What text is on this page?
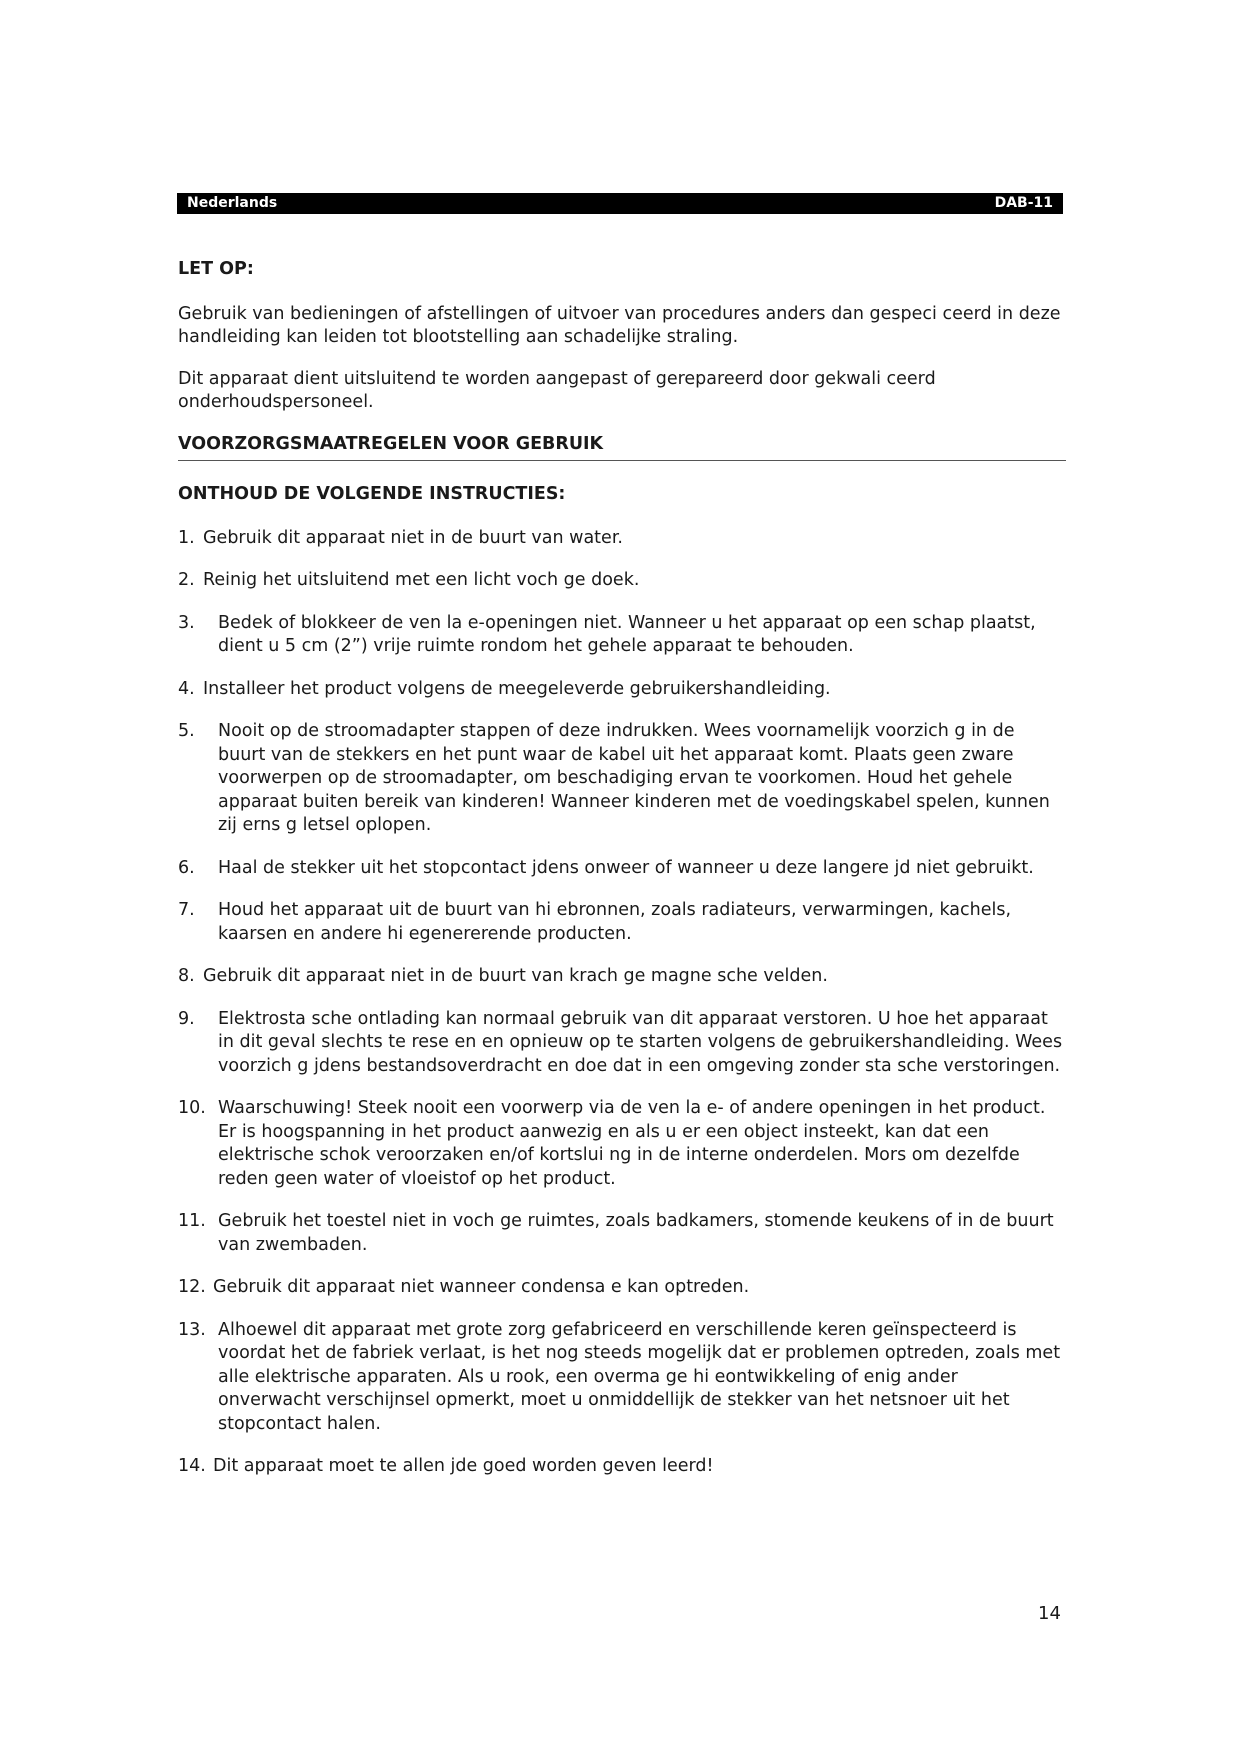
Nederlands	DAB-11

LET OP:

Gebruik van bedieningen of afstellingen of uitvoer van procedures anders dan gespeci ceerd in deze handleiding kan leiden tot blootstelling aan schadelijke straling.

Dit apparaat dient uitsluitend te worden aangepast of gerepareerd door gekwali ceerd onderhoudspersoneel.

VOORZORGSMAATREGELEN VOOR GEBRUIK

ONTHOUD DE VOLGENDE INSTRUCTIES:

1. Gebruik dit apparaat niet in de buurt van water.
2. Reinig het uitsluitend met een licht voch ge doek.
3. Bedek of blokkeer de ven la e-openingen niet. Wanneer u het apparaat op een schap plaatst, dient u 5 cm (2”) vrije ruimte rondom het gehele apparaat te behouden.
4. Installeer het product volgens de meegeleverde gebruikershandleiding.
5. Nooit op de stroomadapter stappen of deze indrukken. Wees voornamelijk voorzich g in de buurt van de stekkers en het punt waar de kabel uit het apparaat komt. Plaats geen zware voorwerpen op de stroomadapter, om beschadiging ervan te voorkomen. Houd het gehele apparaat buiten bereik van kinderen! Wanneer kinderen met de voedingskabel spelen, kunnen zij erns g letsel oplopen.
6. Haal de stekker uit het stopcontact jdens onweer of wanneer u deze langere jd niet gebruikt.
7. Houd het apparaat uit de buurt van hi ebronnen, zoals radiateurs, verwarmingen, kachels, kaarsen en andere hi egenererende producten.
8. Gebruik dit apparaat niet in de buurt van krach ge magne sche velden.
9. Elektrosta sche ontlading kan normaal gebruik van dit apparaat verstoren. U hoe het apparaat in dit geval slechts te rese en en opnieuw op te starten volgens de gebruikershandleiding. Wees voorzich g jdens bestandsoverdracht en doe dat in een omgeving zonder sta sche verstoringen.
10. Waarschuwing! Steek nooit een voorwerp via de ven la e- of andere openingen in het product. Er is hoogspanning in het product aanwezig en als u er een object insteekt, kan dat een elektrische schok veroorzaken en/of kortslui ng in de interne onderdelen. Mors om dezelfde reden geen water of vloeistof op het product.
11. Gebruik het toestel niet in voch ge ruimtes, zoals badkamers, stomende keukens of in de buurt van zwembaden.
12. Gebruik dit apparaat niet wanneer condensa e kan optreden.
13. Alhoewel dit apparaat met grote zorg gefabriceerd en verschillende keren geïnspecteerd is voordat het de fabriek verlaat, is het nog steeds mogelijk dat er problemen optreden, zoals met alle elektrische apparaten. Als u rook, een overma ge hi eontwikkeling of enig ander onverwacht verschijnsel opmerkt, moet u onmiddellijk de stekker van het netsnoer uit het stopcontact halen.
14. Dit apparaat moet te allen jde goed worden geven leerd!
14
